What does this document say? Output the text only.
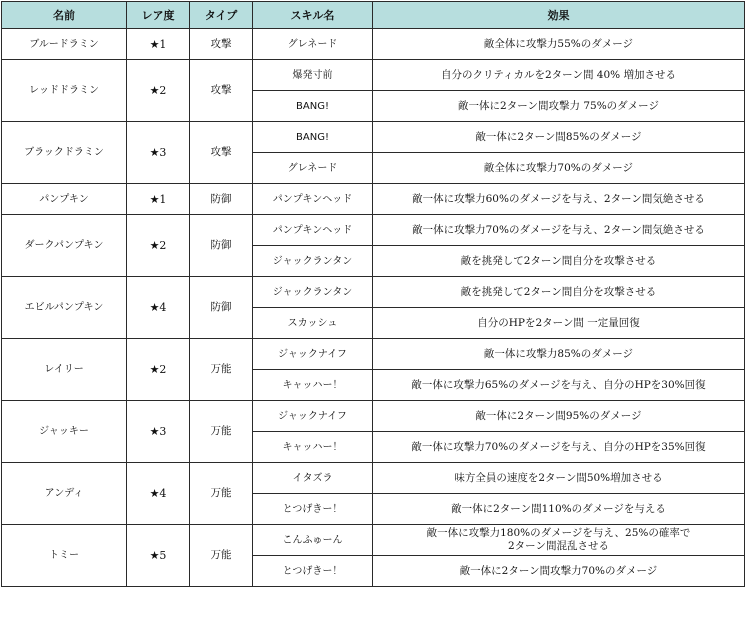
名前	レア度	タイプ	スキル名	効果
ブルードラミン	★1	攻撃	グレネード	敵全体に攻撃力55%のダメージ
レッドドラミン	★2	攻撃	爆発寸前	自分のクリティカルを2ターン間 40% 増加させる
			BANG!	敵一体に2ターン間攻撃力 75%のダメージ
ブラックドラミン	★3	攻撃	BANG!	敵一体に2ターン間85%のダメージ
			グレネード	敵全体に攻撃力70%のダメージ
パンプキン	★1	防御	パンプキンヘッド	敵一体に攻撃力60%のダメージを与え、2ターン間気絶させる
ダークパンプキン	★2	防御	パンプキンヘッド	敵一体に攻撃力70%のダメージを与え、2ターン間気絶させる
			ジャックランタン	敵を挑発して2ターン間自分を攻撃させる
エビルパンプキン	★4	防御	ジャックランタン	敵を挑発して2ターン間自分を攻撃させる
			スカッシュ	自分のHPを2ターン間 一定量回復
レイリー	★2	万能	ジャックナイフ	敵一体に攻撃力85%のダメージ
			キャッハー！	敵一体に攻撃力65%のダメージを与え、自分のHPを30%回復
ジャッキー	★3	万能	ジャックナイフ	敵一体に2ターン間95%のダメージ
			キャッハー！	敵一体に攻撃力70%のダメージを与え、自分のHPを35%回復
アンディ	★4	万能	イタズラ	味方全員の速度を2ターン間50%増加させる
			とつげきー！	敵一体に2ターン間110%のダメージを与える
トミー	★5	万能	こんふゅーん	敵一体に攻撃力180%のダメージを与え、25%の確率で
2ターン間混乱させる
			とつげきー！	敵一体に2ターン間攻撃力70%のダメージ
